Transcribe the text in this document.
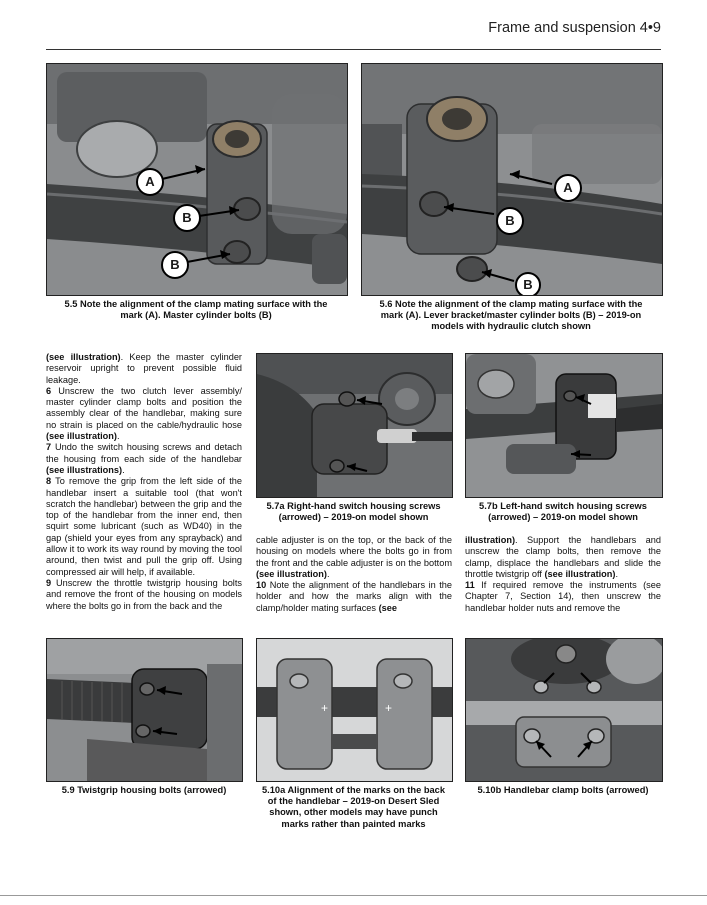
Frame and suspension 4•9
A
B
B
5.5 Note the alignment of the clamp mating surface with the
mark (A). Master cylinder bolts (B)
A
B
B
5.6 Note the alignment of the clamp mating surface with the
mark (A). Lever bracket/master cylinder bolts (B) – 2019-on
models with hydraulic clutch shown

(see illustration). Keep the master cylinder reservoir upright to prevent possible fluid leakage.

6 Unscrew the two clutch lever assembly/ master cylinder clamp bolts and position the assembly clear of the handlebar, making sure no strain is placed on the cable/hydraulic hose (see illustration).

7 Undo the switch housing screws and detach the housing from each side of the handlebar (see illustrations).

8 To remove the grip from the left side of the handlebar insert a suitable tool (that won't scratch the handlebar) between the grip and the top of the handlebar from the inner end, then squirt some lubricant (such as WD40) in the gap (shield your eyes from any sprayback) and allow it to work its way round by moving the tool around, then twist and pull the grip off. Using compressed air will help, if available.

9 Unscrew the throttle twistgrip housing bolts and remove the front of the housing on models where the bolts go in from the back and the

5.7a Right-hand switch housing screws
(arrowed) – 2019-on model shown
5.7b Left-hand switch housing screws
(arrowed) – 2019-on model shown

cable adjuster is on the top, or the back of the housing on models where the bolts go in from the front and the cable adjuster is on the bottom (see illustration).

10 Note the alignment of the handlebars in the holder and how the marks align with the clamp/holder mating surfaces (see

illustration). Support the handlebars and unscrew the clamp bolts, then remove the clamp, displace the handlebars and slide the throttle twistgrip off (see illustration).

11 If required remove the instruments (see Chapter 7, Section 14), then unscrew the handlebar holder nuts and remove the

5.9 Twistgrip housing bolts (arrowed)
+	+
5.10a Alignment of the marks on the back
of the handlebar – 2019-on Desert Sled
shown, other models may have punch
marks rather than painted marks
5.10b Handlebar clamp bolts (arrowed)
